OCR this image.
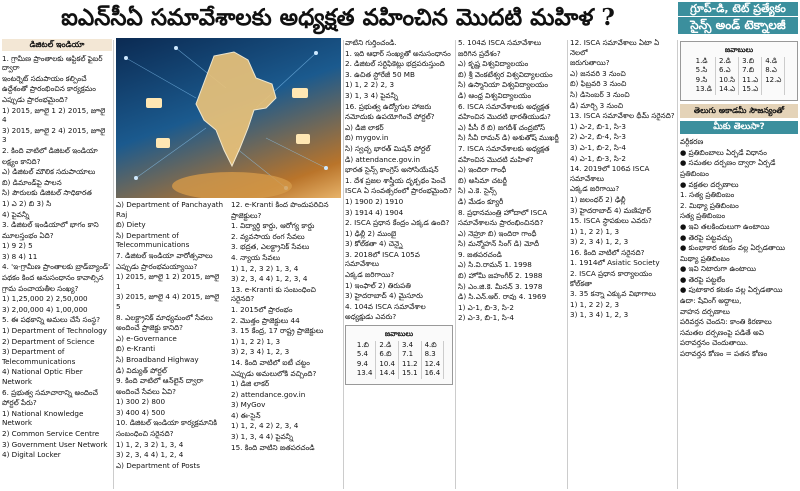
ఐఎన్‌సీఏ సమావేశాలకు అధ్యక్షత వహించిన మొదటి మహిళ ?	గ్రూప్‌-డి, టెట్‌ ప్రత్యేకం
సైన్స్‌ అండ్‌ టెక్నాలజీ
డిజిటల్‌ ఇండియా

1. గ్రామీణ ప్రాంతాలకు ఆప్టికల్‌ ఫైబర్‌ ద్వారా

ఇంటర్నెట్‌ సదుపాయం కల్పించే

ఉద్దేశంతో ప్రారంభించిన కార్యక్రమం

ఎప్పుడు ప్రారంభమైంది?

1) 2015, జూలై 1 2) 2015, జూలై 4

3) 2015, జూలై 2 4) 2015, జూలై 3

2. కింది వాటిలో డిజిటల్‌ ఇండియా

లక్ష్యం కానిది?

ఎ) డిజిటల్‌ మౌలిక సదుపాయాలు

బి) డిమాండ్‌పై పాలన

సి) పౌరులకు డిజిటల్‌ సాధికారత

1) ఎ 2) బి 3) సి

4) పైవన్నీ

3. డిజిటల్‌ ఇండియాలో భాగం కాని

మూలస్తంభం ఏది?

1) 9 2) 5

3) 8 4) 11

4. 'ఇ-గ్రామీణ ప్రాంతాలకు బ్రాడ్‌బ్యాండ్‌'

పథకం కింద అనుసంధానం కావాల్సిన

గ్రామ పంచాయతీల సంఖ్య?

1) 1,25,000 2) 2,50,000

3) 2,00,000 4) 1,00,000

5. ఈ పథకాన్ని అమలు చేసే సంస్థ?

1) Department of Technology

2) Department of Science

3) Department of Telecommunications

4) National Optic Fiber Network

6. ప్రభుత్వ సమాచారాన్ని అందించే

పోర్టల్‌ పేరు?

1) National Knowledge Network

2) Common Service Centre

3) Government User Network

4) Digital Locker

ఎ) Department of Panchayath Raj

బి) Diety

సి) Department of Telecommunications

7. డిజిటల్‌ ఇండియా వారోత్సవాలు

ఎప్పుడు ప్రారంభమయ్యాయి?

1) 2015, జూలై 1 2) 2015, జూలై 1

3) 2015, జూలై 4 4) 2015, జూలై 5

8. ఎలక్ట్రానిక్‌ మాధ్యమంలో సేవలు

అందించే ప్రాజెక్టు కానిది?

ఎ) e-Governance

బి) e-Kranti

సి) Broadband Highway

డి) విద్యుత్‌ పోర్టల్‌

9. కింది వాటిలో ఆన్‌లైన్‌ ద్వారా

అందించే సేవలు ఏవి?

1) 300 2) 800

3) 400 4) 500

10. డిజిటల్‌ ఇండియా కార్యక్రమానికి

సంబంధించి సరైనది?

1) 1, 2, 3 2) 1, 3, 4

3) 2, 3, 4 4) 1, 2, 4

ఎ) Department of Posts

12. e-Kranti కింద పొందుపరిచిన

ప్రాజెక్టులు?

1. విద్యార్థి కార్డు, ఆరోగ్య కార్డు

2. వ్యవసాయ రంగ సేవలు

3. భద్రత, ఎలక్ట్రానిక్‌ సేవలు

4. న్యాయ సేవలు

1) 1, 2, 3 2) 1, 3, 4

3) 2, 3, 4 4) 1, 2, 3, 4

13. e-Kranti కు సంబంధించి సరైనది?

1. 2015లో ప్రారంభం

2. మొత్తం ప్రాజెక్టులు 44

3. 15 కేంద్ర, 17 రాష్ట్ర ప్రాజెక్టులు

1) 1, 2 2) 1, 3

3) 2, 3 4) 1, 2, 3

14. కింది వాటిలో ఐటీ చట్టం

ఎప్పుడు అమలులోకి వచ్చింది?

1) డిజి లాకర్‌

2) attendance.gov.in

3) MyGov

4) ఈ-సైన్‌

1) 1, 2, 4 2) 2, 3, 4

3) 1, 3, 4 4) పైవన్నీ

15. కింది వాటిని జతపరచండి

వాటిని గుర్తించండి.

1. ఇది ఆధార్‌ సంఖ్యతో అనుసంధానం

2. డిజిటల్‌ సర్టిఫికెట్లు భద్రపరుస్తుంది

3. ఉచిత స్టోరేజీ 50 MB

1) 1, 2 2) 2, 3

3) 1, 3 4) పైవన్నీ

16. ప్రభుత్వ ఉద్యోగుల హాజరు

నమోదుకు ఉపయోగించే పోర్టల్‌?

ఎ) డిజి లాకర్‌

బి) mygov.in

సి) స్వచ్ఛ భారత్‌ మిషన్‌ పోర్టల్‌

డి) attendance.gov.in

భారత సైన్స్‌ కాంగ్రెస్‌ అసోసియేషన్‌

1. దేశ ప్రజల శాస్త్రీయ దృక్పథం పెంచే

ISCA ఏ సంవత్సరంలో ప్రారంభమైంది?

1) 1900 2) 1910

3) 1914 4) 1904

2. ISCA ప్రధాన కేంద్రం ఎక్కడ ఉంది?

1) ఢిల్లీ 2) ముంబై

3) కోల్‌కతా 4) చెన్నై

3. 2018లో ISCA 105వ సమావేశాలు

ఎక్కడ జరిగాయి?

1) ఇంఫాల్‌ 2) తిరుపతి

3) హైదరాబాద్‌ 4) మైసూరు

4. 104వ ISCA సమావేశాల

అధ్యక్షుడు ఎవరు?

జవాబులు
1.బి	2.డి	3.4	4.బి
5.4	6.బి	7.1	8.3
9.4	10.4	11.2	12.4
13.4	14.4	15.1	16.4

5. 104వ ISCA సమావేశాలు

జరిగిన ప్రదేశం?

ఎ) కృష్ణ విశ్వవిద్యాలయం

బి) శ్రీ వెంకటేశ్వర విశ్వవిద్యాలయం

సి) ఉస్మానియా విశ్వవిద్యాలయం

డి) ఆంధ్ర విశ్వవిద్యాలయం

6. ISCA సమావేశాలకు అధ్యక్షత

వహించిన మొదటి భారతీయుడు?

ఎ) పీసీ రే బి) జగదీశ్‌ చంద్రబోస్‌

సి) సీవీ రామన్‌ డి) అశుతోష్‌ ముఖర్జీ

7. ISCA సమావేశాలకు అధ్యక్షత

వహించిన మొదటి మహిళ?

ఎ) ఇందిరా గాంధీ

బి) అసిమా చటర్జీ

సి) ఎ.కె. సైన్స్‌

డి) మేడం క్యూరీ

8. ప్రధానమంత్రి హోదాలో ISCA

సమావేశాలను ప్రారంభించినది?

ఎ) నెహ్రూ బి) ఇందిరా గాంధీ

సి) మన్మోహన్‌ సింగ్‌ డి) మోదీ

9. జతపరచండి

ఎ) సి.వి.రామన్‌ 1. 1998

బి) హోమీ జహంగీర్‌ 2. 1988

సి) ఎం.జి.కె. మీనన్‌ 3. 1978

డి) సి.ఎన్‌.ఆర్‌. రావు 4. 1969

1) ఎ-1, బి-3, సి-2

2) ఎ-3, బి-1, సి-4

12. ISCA సమావేశాలు ఏటా ఏ నెలలో

జరుగుతాయి?

ఎ) జనవరి 3 నుంచి

బి) ఫిబ్రవరి 3 నుంచి

సి) డిసెంబర్‌ 3 నుంచి

డి) మార్చి 3 నుంచి

13. ISCA సమావేశాల థీమ్‌ సరైనది?

1) ఎ-2, బి-1, సి-3

2) ఎ-2, బి-4, సి-3

3) ఎ-1, బి-2, సి-4

4) ఎ-1, బి-3, సి-2

14. 2019లో 106వ ISCA సమావేశాలు

ఎక్కడ జరిగాయి?

1) జలంధర్‌ 2) ఢిల్లీ

3) హైదరాబాద్‌ 4) మణిపూర్‌

15. ISCA స్థాపకులు ఎవరు?

1) 1, 2 2) 1, 3

3) 2, 3 4) 1, 2, 3

16. కింది వాటిలో సరైనది?

1. 1914లో Asiatic Society

2. ISCA ప్రధాన కార్యాలయం కోల్‌కతా

3. 35 కన్నా ఎక్కువ విభాగాలు

1) 1, 2 2) 2, 3

3) 1, 3 4) 1, 2, 3

జవాబులు
1.డి	2.డి	3.బి	4.డి
5.సి	6.ఎ	7.బి	8.ఎ
9.సి	10.సి	11.ఎ	12.ఎ
13.డి	14.ఎ	15.ఎ	
తెలుగు అకాడమీ సౌజన్యంతో
మీకు తెలుసా?

వర్గీకరణ

● ప్రతిబింబాలు ఏర్పడే విధానం

● సమతల దర్పణం ద్వారా ఏర్పడే

ప్రతిబింబం

● వక్రతల దర్పణాలు

1. సత్య ప్రతిబింబం

2. మిథ్యా ప్రతిబింబం

సత్య ప్రతిబింబం

● ఇవి తలకిందులుగా ఉంటాయి

● తెరపై పట్టవచ్చు

● కుంభాకార కటకం వల్ల ఏర్పడతాయి

మిథ్యా ప్రతిబింబం

● ఇవి నిటారుగా ఉంటాయి

● తెరపై పట్టలేం

● పుటాకార కటకం వల్ల ఏర్పడతాయి

ఉదా: షేవింగ్‌ అద్దాలు,

వాహన దర్పణాలు

పరివర్తన చెందని: కాంతి కిరణాలు

సమతల దర్పణంపై పడితే అవి

పరావర్తనం చెందుతాయి.

పరావర్తన కోణం = పతన కోణం
